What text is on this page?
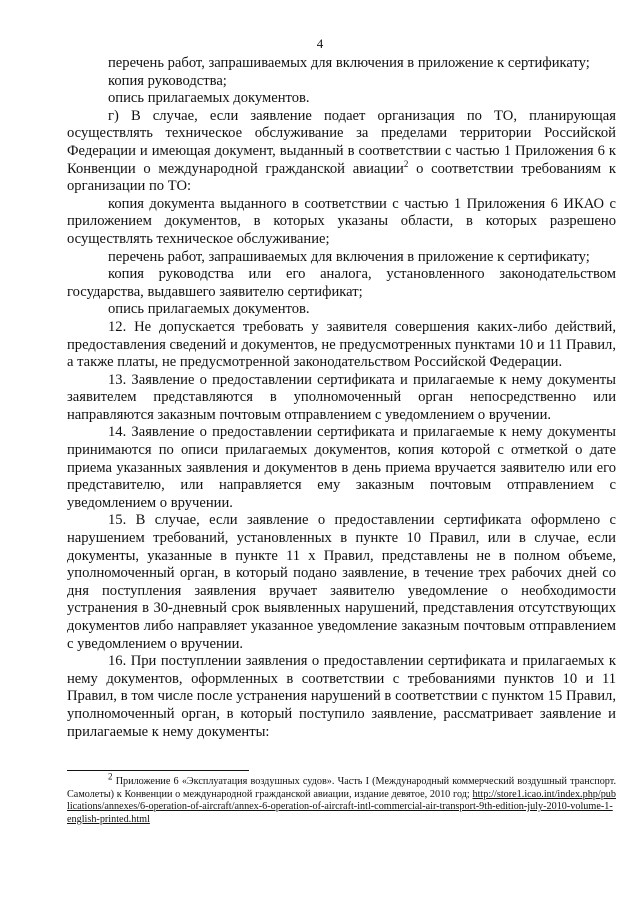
4

перечень работ, запрашиваемых для включения в приложение к сертификату;

копия руководства;

опись прилагаемых документов.

г) В случае, если заявление подает организация по ТО, планирующая осуществлять техническое обслуживание за пределами территории Российской Федерации и имеющая документ, выданный в соответствии с частью 1 Приложения 6 к Конвенции о международной гражданской авиации$^2$ о соответствии требованиям к организации по ТО:

копия документа выданного в соответствии с частью 1 Приложения 6 ИКАО с приложением документов, в которых указаны области, в которых разрешено осуществлять техническое обслуживание;

перечень работ, запрашиваемых для включения в приложение к сертификату;

копия руководства или его аналога, установленного законодательством государства, выдавшего заявителю сертификат;

опись прилагаемых документов.

12. Не допускается требовать у заявителя совершения каких-либо действий, предоставления сведений и документов, не предусмотренных пунктами 10 и 11 Правил, а также платы, не предусмотренной законодательством Российской Федерации.

13. Заявление о предоставлении сертификата и прилагаемые к нему документы заявителем представляются в уполномоченный орган непосредственно или направляются заказным почтовым отправлением с уведомлением о вручении.

14. Заявление о предоставлении сертификата и прилагаемые к нему документы принимаются по описи прилагаемых документов, копия которой с отметкой о дате приема указанных заявления и документов в день приема вручается заявителю или его представителю, или направляется ему заказным почтовым отправлением с уведомлением о вручении.

15. В случае, если заявление о предоставлении сертификата оформлено с нарушением требований, установленных в пункте 10 Правил, или в случае, если документы, указанные в пункте 11 х Правил, представлены не в полном объеме, уполномоченный орган, в который подано заявление, в течение трех рабочих дней со дня поступления заявления вручает заявителю уведомление о необходимости устранения в 30-дневный срок выявленных нарушений, представления отсутствующих документов либо направляет указанное уведомление заказным почтовым отправлением с уведомлением о вручении.

16. При поступлении заявления о предоставлении сертификата и прилагаемых к нему документов, оформленных в соответствии с требованиями пунктов 10 и 11 Правил, в том числе после устранения нарушений в соответствии с пунктом 15 Правил, уполномоченный орган, в который поступило заявление, рассматривает заявление и прилагаемые к нему документы:

$^2$ Приложение 6 «Эксплуатация воздушных судов». Часть I (Международный коммерческий воздушный транспорт. Самолеты) к Конвенции о международной гражданской авиации, издание девятое, 2010 год; http://store1.icao.int/index.php/publications/annexes/6-operation-of-aircraft/annex-6-operation-of-aircraft-intl-commercial-air-transport-9th-edition-july-2010-volume-1-english-printed.html
